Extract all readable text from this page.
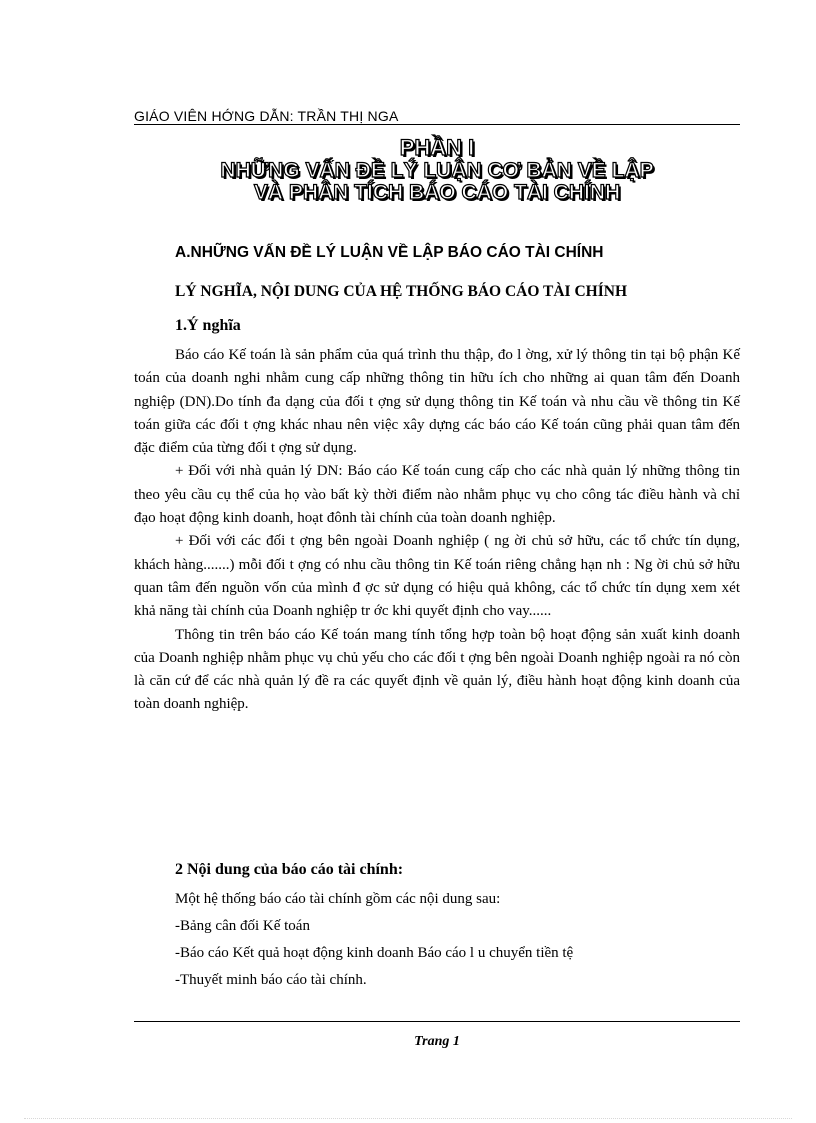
GIÁO VIÊN HỚNG DẪN: TRẦN THỊ NGA
PHẦN I
NHỮNG VẤN ĐỀ LÝ LUẬN CƠ BẢN VỀ LẬP
VÀ PHÂN TÍCH BÁO CÁO TÀI CHÍNH
A.NHỮNG VẤN ĐỀ LÝ LUẬN VỀ LẬP BÁO CÁO TÀI CHÍNH
LÝ NGHĨA, NỘI DUNG CỦA HỆ THỐNG BÁO CÁO TÀI CHÍNH
1.Ý nghĩa

Báo cáo Kế toán là sản phẩm của quá trình thu thập, đo l ờng, xử lý thông tin tại bộ phận Kế toán của doanh nghi nhằm cung cấp những thông tin hữu ích cho những ai quan tâm đến Doanh nghiệp (DN).Do tính đa dạng của đối t ợng sử dụng thông tin Kế toán và nhu cầu về thông tin Kế toán giữa các đối t ợng khác nhau nên việc xây dựng các báo cáo Kế toán cũng phải quan tâm đến đặc điểm của từng đối t ợng sử dụng.

+ Đối với nhà quản lý DN: Báo cáo Kế toán cung cấp cho các nhà quản lý những thông tin theo yêu cầu cụ thể của họ vào bất kỳ thời điểm nào nhằm phục vụ cho công tác điều hành và chỉ đạo hoạt động kinh doanh, hoạt đônh tài chính của toàn doanh nghiệp.

+ Đối với các đối t ợng bên ngoài Doanh nghiệp ( ng ời chủ sở hữu, các tổ chức tín dụng, khách hàng.......) mỗi đối t ợng có nhu cầu thông tin Kế toán riêng chẳng hạn nh : Ng ời chủ sở hữu quan tâm đến nguồn vốn của mình đ ợc sử dụng có hiệu quả không, các tổ chức tín dụng xem xét khả năng tài chính của Doanh nghiệp tr ớc khi quyết định cho vay......

Thông tin trên báo cáo Kế toán mang tính tổng hợp toàn bộ hoạt động sản xuất kinh doanh của Doanh nghiệp nhằm phục vụ chủ yếu cho các đối t ợng bên ngoài Doanh nghiệp ngoài ra nó còn là căn cứ để các nhà quản lý đề ra các quyết định về quản lý, điều hành hoạt động kinh doanh của toàn doanh nghiệp.

2 Nội dung của báo cáo tài chính:
Một hệ thống báo cáo tài chính gồm các nội dung sau:
-Bảng cân đối Kế toán
-Báo cáo Kết quả hoạt động kinh doanh Báo cáo l u chuyển tiền tệ
-Thuyết minh báo cáo tài chính.
Trang 1
